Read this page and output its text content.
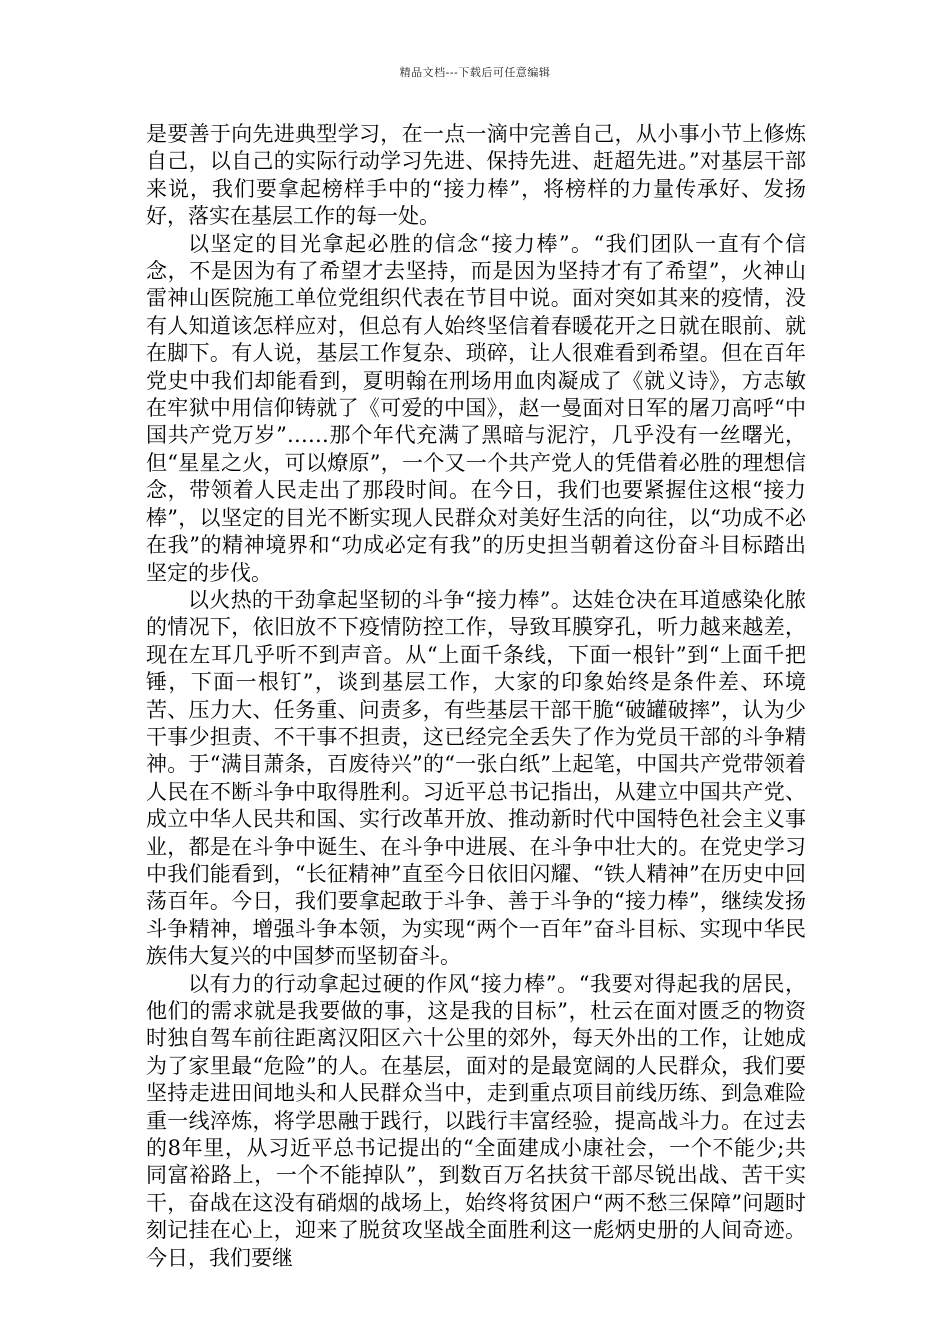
精品文档---下载后可任意编辑

是要善于向先进典型学习，在一点一滴中完善自己，从小事小节上修炼自己，以自己的实际行动学习先进、保持先进、赶超先进。”对基层干部来说，我们要拿起榜样手中的“接力棒”，将榜样的力量传承好、发扬好，落实在基层工作的每一处。

以坚定的目光拿起必胜的信念“接力棒”。“我们团队一直有个信念，不是因为有了希望才去坚持，而是因为坚持才有了希望”，火神山雷神山医院施工单位党组织代表在节目中说。面对突如其来的疫情，没有人知道该怎样应对，但总有人始终坚信着春暖花开之日就在眼前、就在脚下。有人说，基层工作复杂、琐碎，让人很难看到希望。但在百年党史中我们却能看到，夏明翰在刑场用血肉凝成了《就义诗》，方志敏在牢狱中用信仰铸就了《可爱的中国》，赵一曼面对日军的屠刀高呼“中国共产党万岁”……那个年代充满了黑暗与泥泞，几乎没有一丝曙光，但“星星之火，可以燎原”，一个又一个共产党人的凭借着必胜的理想信念，带领着人民走出了那段时间。在今日，我们也要紧握住这根“接力棒”，以坚定的目光不断实现人民群众对美好生活的向往，以“功成不必在我”的精神境界和“功成必定有我”的历史担当朝着这份奋斗目标踏出坚定的步伐。

以火热的干劲拿起坚韧的斗争“接力棒”。达娃仓决在耳道感染化脓的情况下，依旧放不下疫情防控工作，导致耳膜穿孔，听力越来越差，现在左耳几乎听不到声音。从“上面千条线，下面一根针”到“上面千把锤，下面一根钉”，谈到基层工作，大家的印象始终是条件差、环境苦、压力大、任务重、问责多，有些基层干部干脆“破罐破摔”，认为少干事少担责、不干事不担责，这已经完全丢失了作为党员干部的斗争精神。于“满目萧条，百废待兴”的“一张白纸”上起笔，中国共产党带领着人民在不断斗争中取得胜利。习近平总书记指出，从建立中国共产党、成立中华人民共和国、实行改革开放、推动新时代中国特色社会主义事业，都是在斗争中诞生、在斗争中进展、在斗争中壮大的。在党史学习中我们能看到，“长征精神”直至今日依旧闪耀、“铁人精神”在历史中回荡百年。今日，我们要拿起敢于斗争、善于斗争的“接力棒”，继续发扬斗争精神，增强斗争本领，为实现“两个一百年”奋斗目标、实现中华民族伟大复兴的中国梦而坚韧奋斗。

以有力的行动拿起过硬的作风“接力棒”。“我要对得起我的居民，他们的需求就是我要做的事，这是我的目标”，杜云在面对匮乏的物资时独自驾车前往距离汉阳区六十公里的郊外，每天外出的工作，让她成为了家里最“危险”的人。在基层，面对的是最宽阔的人民群众，我们要坚持走进田间地头和人民群众当中，走到重点项目前线历练、到急难险重一线淬炼，将学思融于践行，以践行丰富经验，提高战斗力。在过去的8年里，从习近平总书记提出的“全面建成小康社会，一个不能少;共同富裕路上，一个不能掉队”，到数百万名扶贫干部尽锐出战、苦干实干，奋战在这没有硝烟的战场上，始终将贫困户“两不愁三保障”问题时刻记挂在心上，迎来了脱贫攻坚战全面胜利这一彪炳史册的人间奇迹。今日，我们要继
